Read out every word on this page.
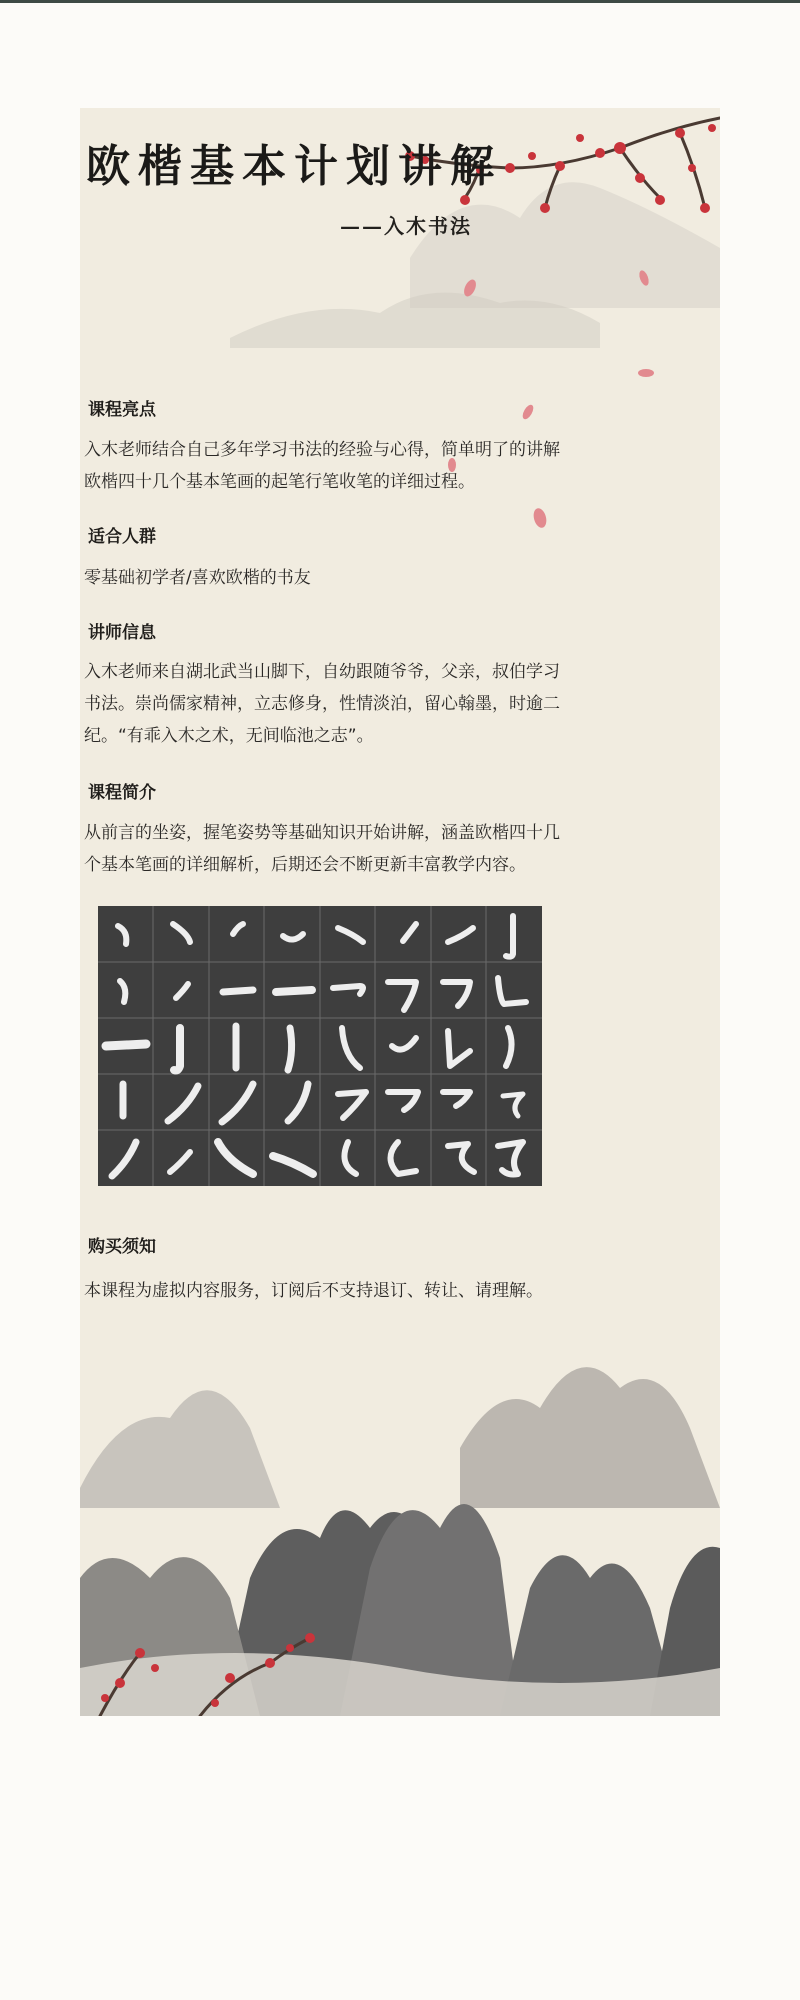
欧楷基本计划讲解
——入木书法
课程亮点

入木老师结合自己多年学习书法的经验与心得，简单明了的讲解欧楷四十几个基本笔画的起笔行笔收笔的详细过程。

适合人群

零基础初学者/喜欢欧楷的书友

讲师信息

入木老师来自湖北武当山脚下，自幼跟随爷爷，父亲，叔伯学习书法。崇尚儒家精神，立志修身，性情淡泊，留心翰墨，时逾二纪。“有乖入木之术，无间临池之志”。

课程简介

从前言的坐姿，握笔姿势等基础知识开始讲解，涵盖欧楷四十几个基本笔画的详细解析，后期还会不断更新丰富教学内容。

购买须知

本课程为虚拟内容服务，订阅后不支持退订、转让、请理解。
